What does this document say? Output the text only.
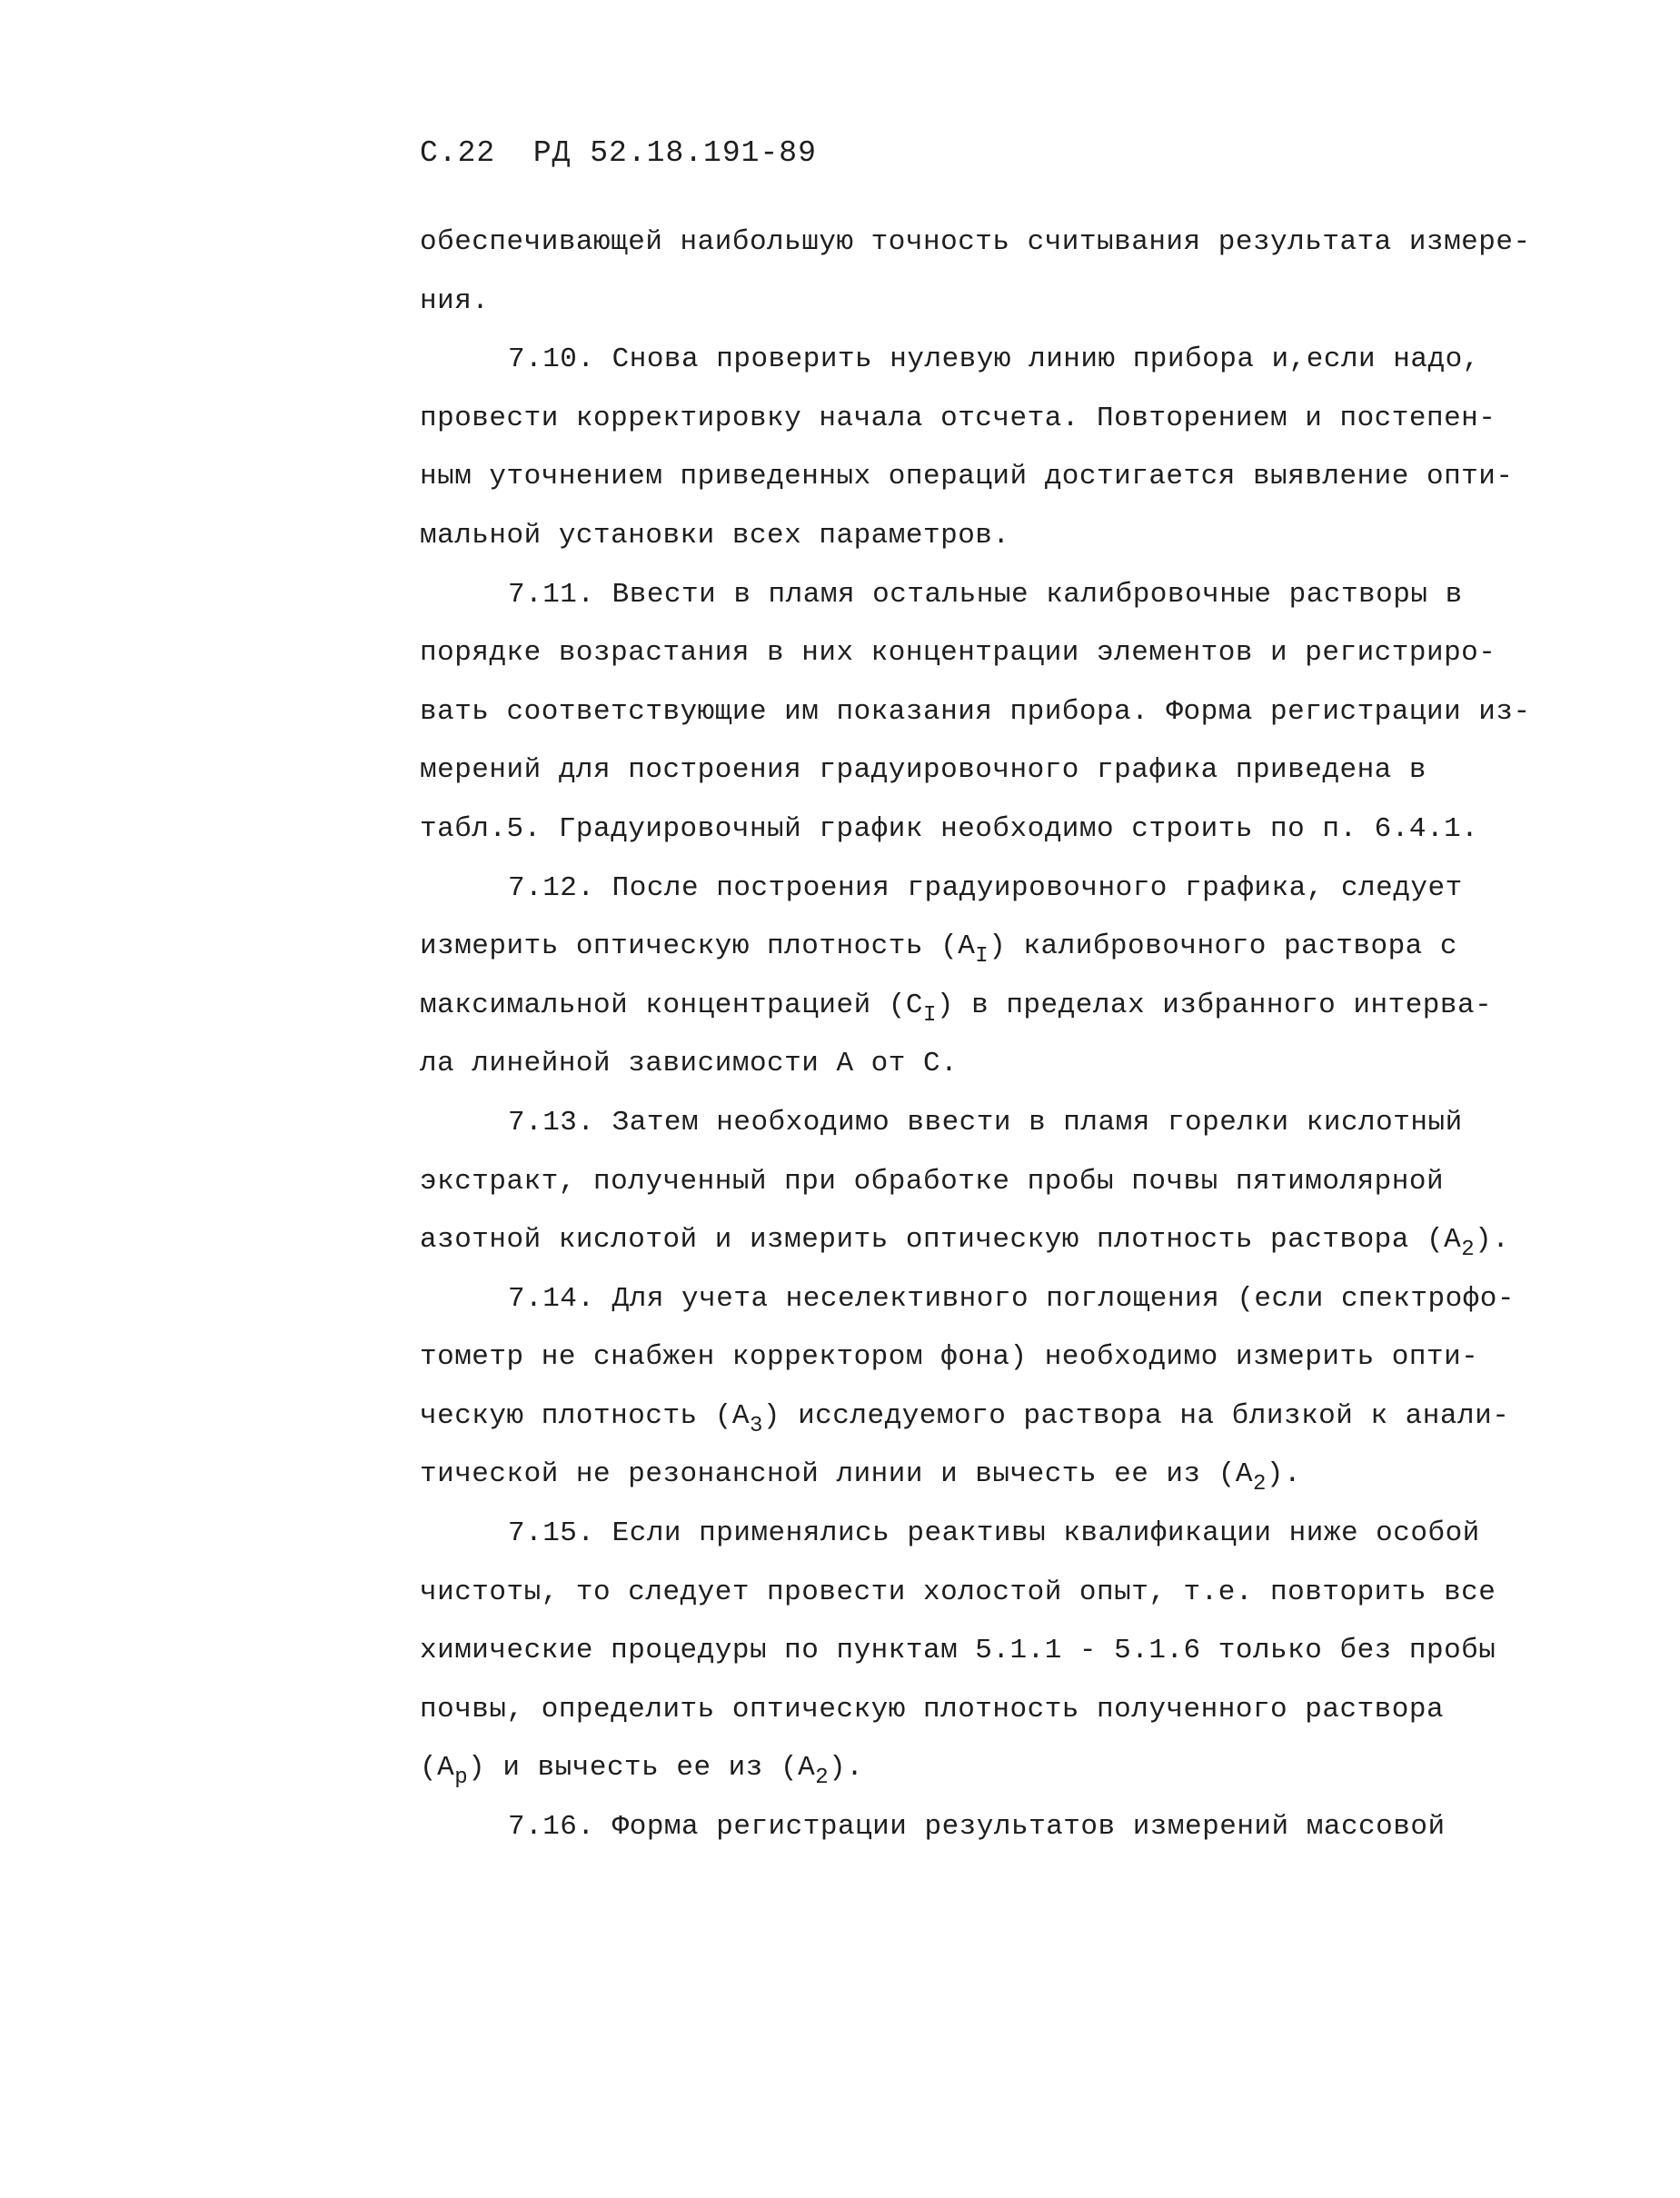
С.22 РД 52.18.191-89
обеспечивающей наибольшую точность считывания результата измере-
ния.
7.10. Снова проверить нулевую линию прибора и,если надо,
провести корректировку начала отсчета. Повторением и постепен-
ным уточнением приведенных операций достигается выявление опти-
мальной установки всех параметров.
7.11. Ввести в пламя остальные калибровочные растворы в
порядке возрастания в них концентрации элементов и регистриро-
вать соответствующие им показания прибора. Форма регистрации из-
мерений для построения градуировочного графика приведена в
табл.5. Градуировочный график необходимо строить по п. 6.4.1.
7.12. После построения градуировочного графика, следует
измерить оптическую плотность $(A_I)$ калибровочного раствора с
максимальной концентрацией $(C_I)$ в пределах избранного интерва-
ла линейной зависимости А от С.
7.13. Затем необходимо ввести в пламя горелки кислотный
экстракт, полученный при обработке пробы почвы пятимолярной
азотной кислотой и измерить оптическую плотность раствора $(A_2)$.
7.14. Для учета неселективного поглощения (если спектрофо-
тометр не снабжен корректором фона) необходимо измерить опти-
ческую плотность $(A_3)$ исследуемого раствора на близкой к анали-
тической не резонансной линии и вычесть ее из $(A_2)$.
7.15. Если применялись реактивы квалификации ниже особой
чистоты, то следует провести холостой опыт, т.е. повторить все
химические процедуры по пунктам 5.1.1 - 5.1.6 только без пробы
почвы, определить оптическую плотность полученного раствора
$(A_p)$ и вычесть ее из $(A_2)$.
7.16. Форма регистрации результатов измерений массовой
